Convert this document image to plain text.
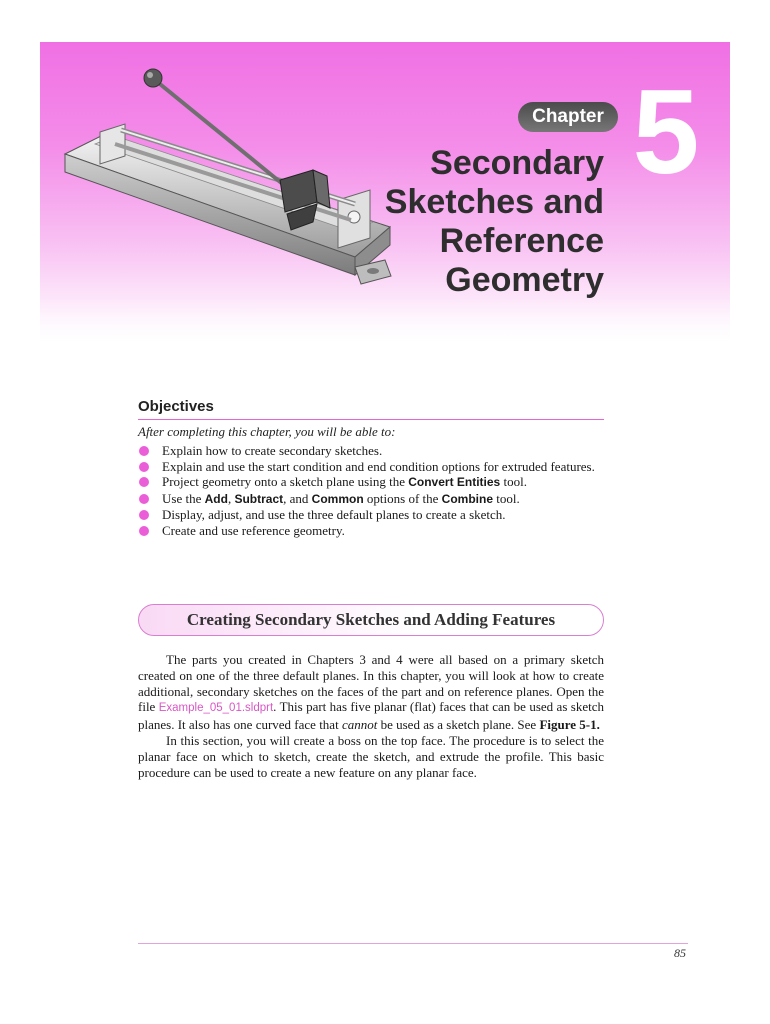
Chapter 5
Secondary
Sketches and
Reference
Geometry
Objectives
After completing this chapter, you will be able to:
Explain how to create secondary sketches.
Explain and use the start condition and end condition options for extruded features.
Project geometry onto a sketch plane using the Convert Entities tool.
Use the Add, Subtract, and Common options of the Combine tool.
Display, adjust, and use the three default planes to create a sketch.
Create and use reference geometry.
Creating Secondary Sketches and Adding Features

The parts you created in Chapters 3 and 4 were all based on a primary sketch created on one of the three default planes. In this chapter, you will look at how to create additional, secondary sketches on the faces of the part and on reference planes. Open the file Example_05_01.sldprt. This part has five planar (flat) faces that can be used as sketch planes. It also has one curved face that cannot be used as a sketch plane. See Figure 5-1.

In this section, you will create a boss on the top face. The procedure is to select the planar face on which to sketch, create the sketch, and extrude the profile. This basic procedure can be used to create a new feature on any planar face.

85
